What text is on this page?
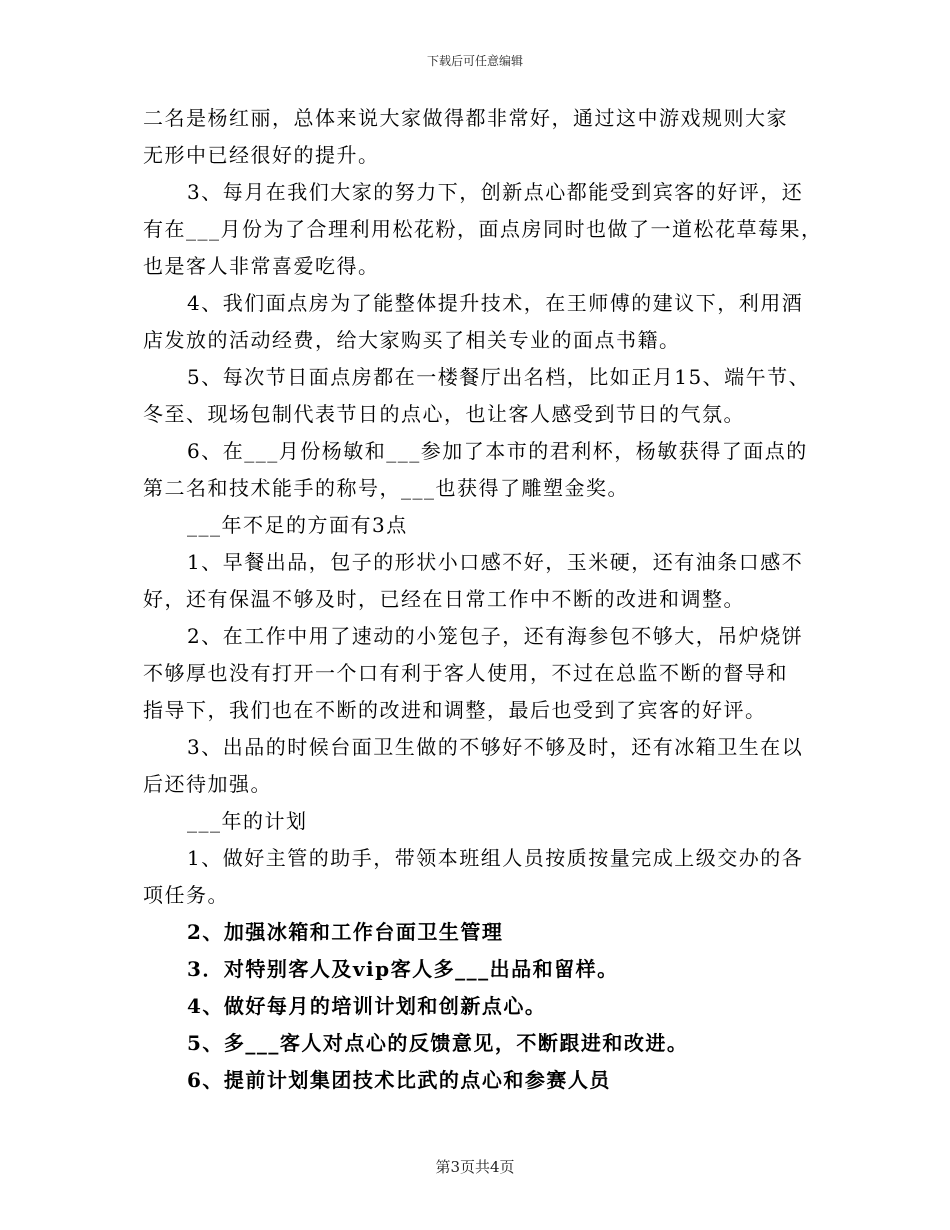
下载后可任意编辑
二名是杨红丽，总体来说大家做得都非常好，通过这中游戏规则大家
无形中已经很好的提升。
3、每月在我们大家的努力下，创新点心都能受到宾客的好评，还
有在___月份为了合理利用松花粉，面点房同时也做了一道松花草莓果，
也是客人非常喜爱吃得。
4、我们面点房为了能整体提升技术，在王师傅的建议下，利用酒
店发放的活动经费，给大家购买了相关专业的面点书籍。
5、每次节日面点房都在一楼餐厅出名档，比如正月15、端午节、
冬至、现场包制代表节日的点心，也让客人感受到节日的气氛。
6、在___月份杨敏和___参加了本市的君利杯，杨敏获得了面点的
第二名和技术能手的称号，___也获得了雕塑金奖。
___年不足的方面有3点
1、早餐出品，包子的形状小口感不好，玉米硬，还有油条口感不
好，还有保温不够及时，已经在日常工作中不断的改进和调整。
2、在工作中用了速动的小笼包子，还有海参包不够大，吊炉烧饼
不够厚也没有打开一个口有利于客人使用，不过在总监不断的督导和
指导下，我们也在不断的改进和调整，最后也受到了宾客的好评。
3、出品的时候台面卫生做的不够好不够及时，还有冰箱卫生在以
后还待加强。
___年的计划
1、做好主管的助手，带领本班组人员按质按量完成上级交办的各
项任务。
2、加强冰箱和工作台面卫生管理
3．对特别客人及vip客人多___出品和留样。
4、做好每月的培训计划和创新点心。
5、多___客人对点心的反馈意见，不断跟进和改进。
6、提前计划集团技术比武的点心和参赛人员
第3页共4页
